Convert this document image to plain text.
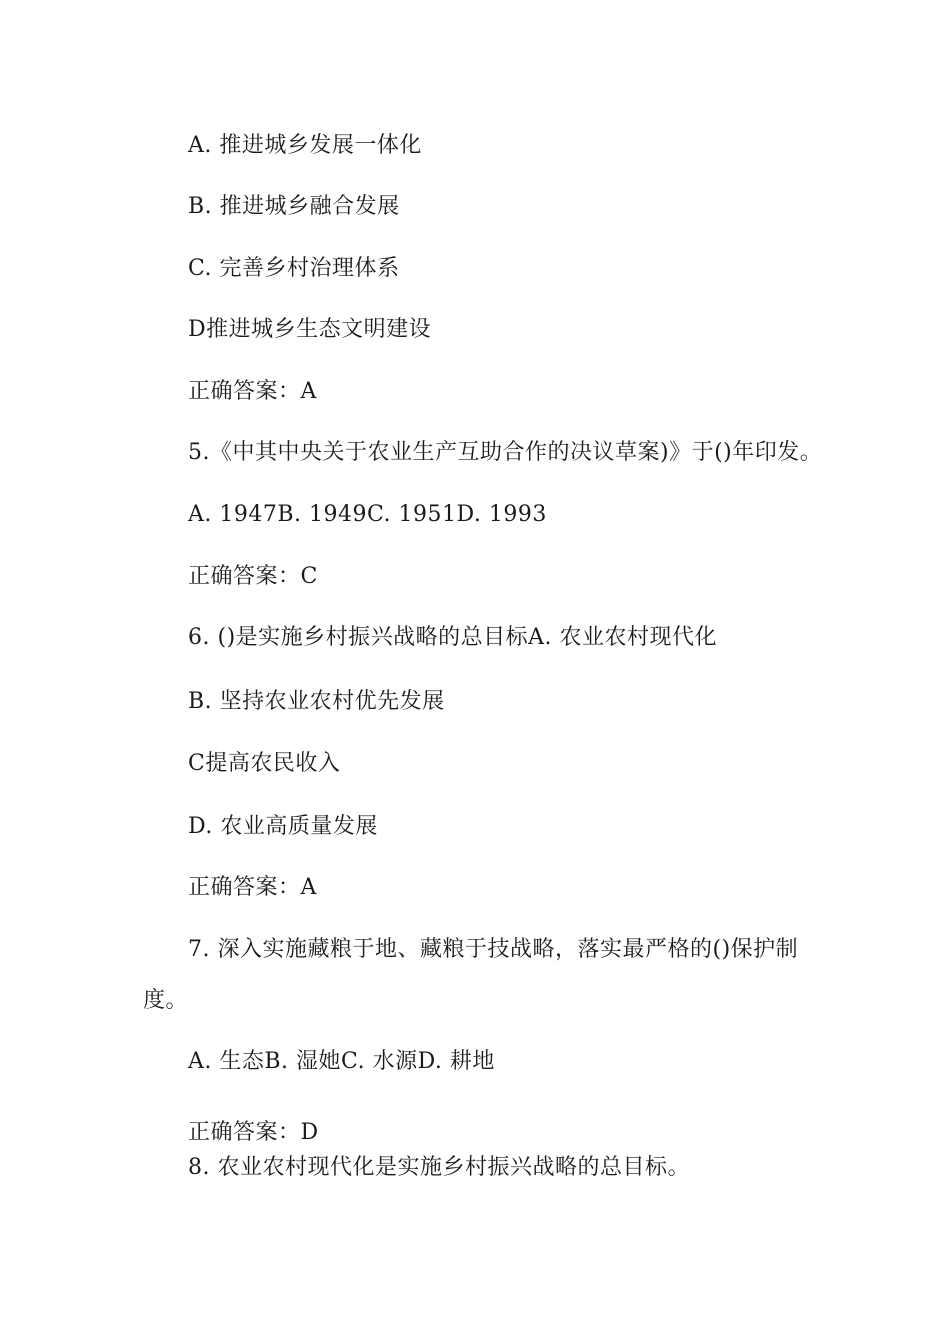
A. 推进城乡发展一体化
B. 推进城乡融合发展
C. 完善乡村治理体系
D推进城乡生态文明建设
正确答案：A
5.《中其中央关于农业生产互助合作的决议草案)》于()年印发。
A. 1947B. 1949C. 1951D. 1993
正确答案：C
6. ()是实施乡村振兴战略的总目标A. 农业农村现代化
B. 坚持农业农村优先发展
C提高农民收入
D. 农业高质量发展
正确答案：A
7. 深入实施藏粮于地、藏粮于技战略，落实最严格的()保护制
度。
A. 生态B. 湿她C. 水源D. 耕地
正确答案：D
8. 农业农村现代化是实施乡村振兴战略的总目标。
